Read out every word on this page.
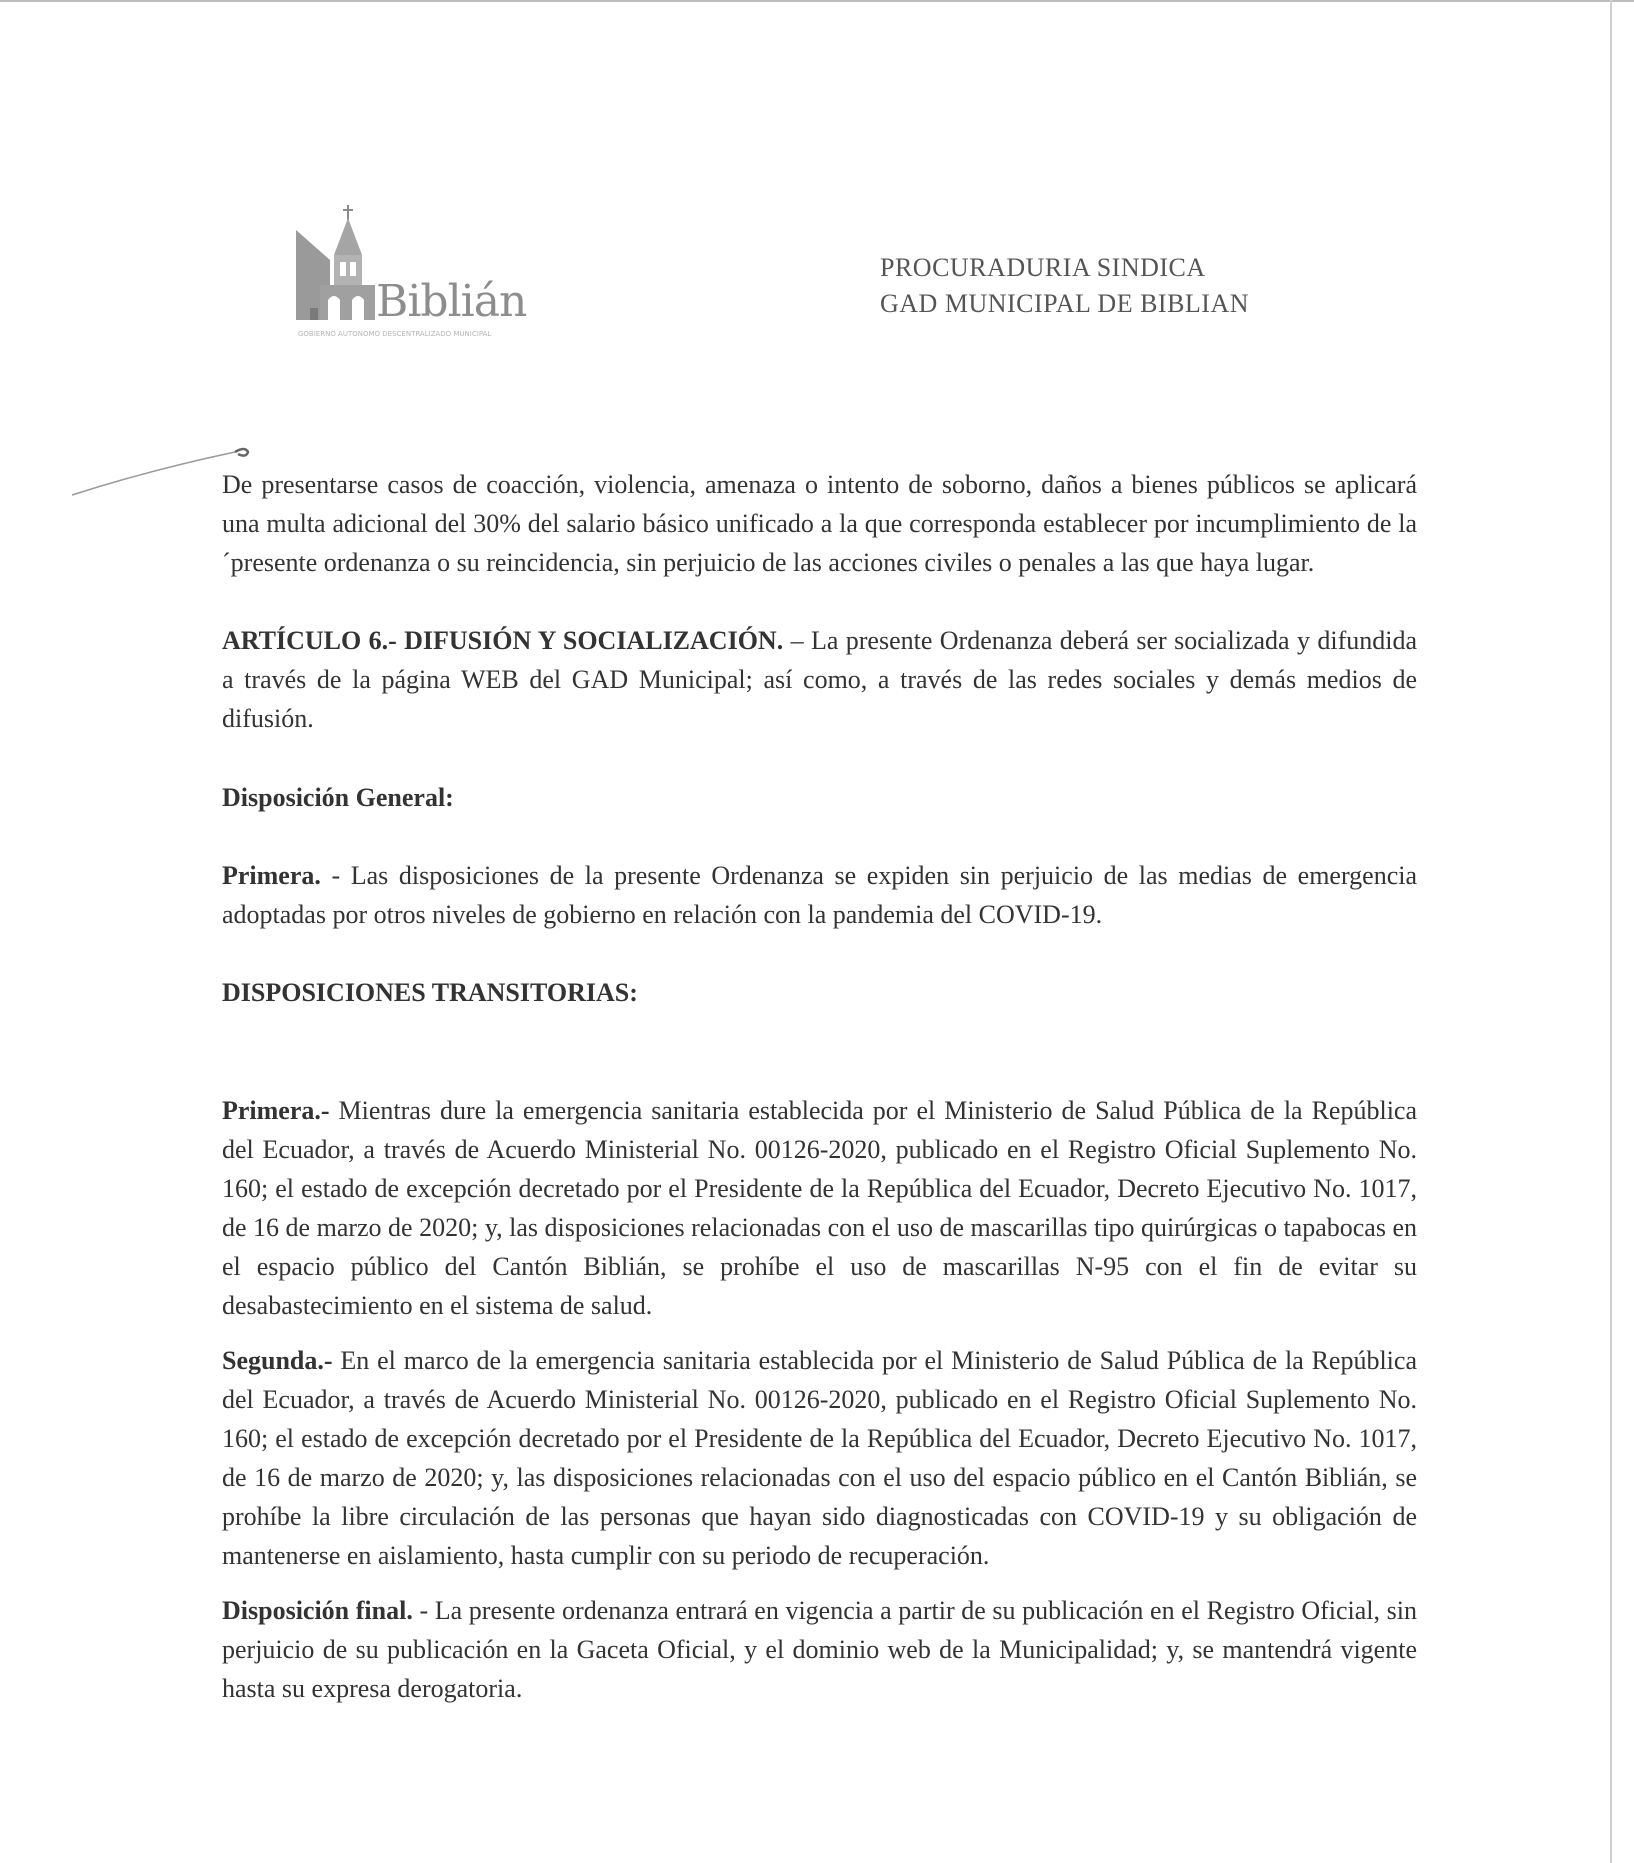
Biblián
GOBIERNO AUTÓNOMO DESCENTRALIZADO MUNICIPAL
PROCURADURIA SINDICA
GAD MUNICIPAL DE BIBLIAN

De presentarse casos de coacción, violencia, amenaza o intento de soborno, daños a bienes públicos se aplicará una multa adicional del 30% del salario básico unificado a la que corresponda establecer por incumplimiento de la ´presente ordenanza o su reincidencia, sin perjuicio de las acciones civiles o penales a las que haya lugar.

ARTÍCULO 6.- DIFUSIÓN Y SOCIALIZACIÓN. – La presente Ordenanza deberá ser socializada y difundida a través de la página WEB del GAD Municipal; así como, a través de las redes sociales y demás medios de difusión.

Disposición General:

Primera. - Las disposiciones de la presente Ordenanza se expiden sin perjuicio de las medias de emergencia adoptadas por otros niveles de gobierno en relación con la pandemia del COVID-19.

DISPOSICIONES TRANSITORIAS:

Primera.- Mientras dure la emergencia sanitaria establecida por el Ministerio de Salud Pública de la República del Ecuador, a través de Acuerdo Ministerial No. 00126-2020, publicado en el Registro Oficial Suplemento No. 160; el estado de excepción decretado por el Presidente de la República del Ecuador, Decreto Ejecutivo No. 1017, de 16 de marzo de 2020; y, las disposiciones relacionadas con el uso de mascarillas tipo quirúrgicas o tapabocas en el espacio público del Cantón Biblián, se prohíbe el uso de mascarillas N-95 con el fin de evitar su desabastecimiento en el sistema de salud.

Segunda.- En el marco de la emergencia sanitaria establecida por el Ministerio de Salud Pública de la República del Ecuador, a través de Acuerdo Ministerial No. 00126-2020, publicado en el Registro Oficial Suplemento No. 160; el estado de excepción decretado por el Presidente de la República del Ecuador, Decreto Ejecutivo No. 1017, de 16 de marzo de 2020; y, las disposiciones relacionadas con el uso del espacio público en el Cantón Biblián, se prohíbe la libre circulación de las personas que hayan sido diagnosticadas con COVID-19 y su obligación de mantenerse en aislamiento, hasta cumplir con su periodo de recuperación.

Disposición final. - La presente ordenanza entrará en vigencia a partir de su publicación en el Registro Oficial, sin perjuicio de su publicación en la Gaceta Oficial, y el dominio web de la Municipalidad; y, se mantendrá vigente hasta su expresa derogatoria.
